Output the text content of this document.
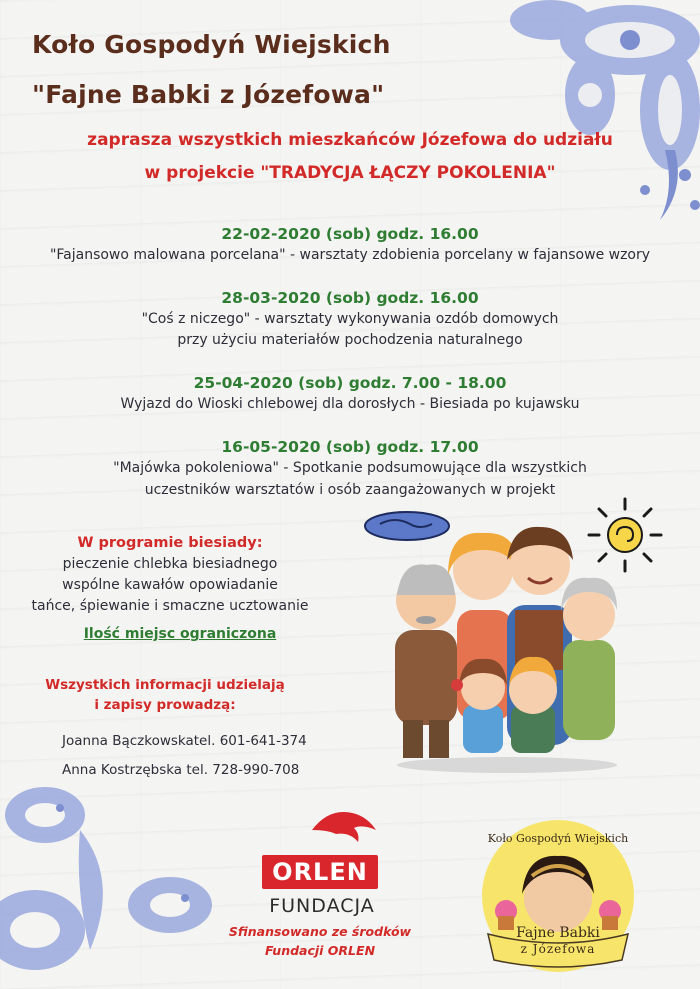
Koło Gospodyń Wiejskich
"Fajne Babki z Józefowa"
zaprasza wszystkich mieszkańców Józefowa do udziału
w projekcie "TRADYCJA ŁĄCZY POKOLENIA"
22-02-2020 (sob) godz. 16.00
"Fajansowo malowana porcelana" - warsztaty zdobienia porcelany w fajansowe wzory
28-03-2020 (sob) godz. 16.00
"Coś z niczego" - warsztaty wykonywania ozdób domowych
przy użyciu materiałów pochodzenia naturalnego
25-04-2020 (sob) godz. 7.00 - 18.00
Wyjazd do Wioski chlebowej dla dorosłych - Biesiada po kujawsku
16-05-2020 (sob) godz. 17.00
"Majówka pokoleniowa" - Spotkanie podsumowujące dla wszystkich
uczestników warsztatów i osób zaangażowanych w projekt
W programie biesiady:
pieczenie chlebka biesiadnego
wspólne kawałów opowiadanie
tańce, śpiewanie i smaczne ucztowanie
Ilość miejsc ograniczona
Wszystkich informacji udzielają
i zapisy prowadzą:
Joanna Bączkowskatel. 601-641-374
Anna Kostrzębska tel. 728-990-708
ORLEN
FUNDACJA
Sfinansowano ze środków
Fundacji ORLEN
Koło Gospodyń Wiejskich
Fajne Babki
z Józefowa
